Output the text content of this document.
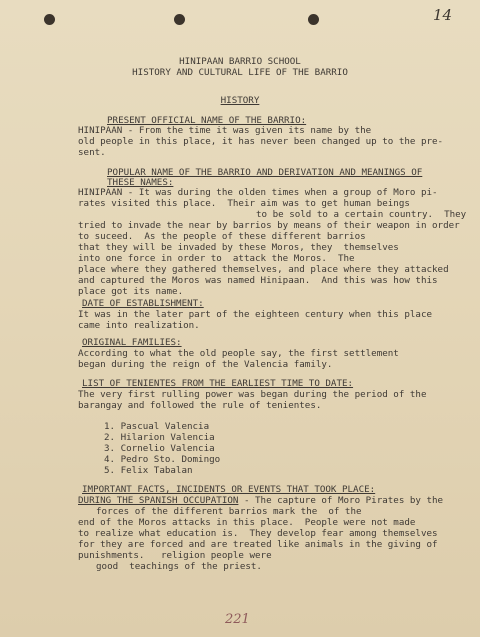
14
HINIPAAN BARRIO SCHOOL
HISTORY AND CULTURAL LIFE OF THE BARRIO
HISTORY
PRESENT OFFICIAL NAME OF THE BARRIO:
HINIPAAN - From the time it was given its name by the
old people in this place, it has never been changed up to the pre-
sent.
POPULAR NAME OF THE BARRIO AND DERIVATION AND MEANINGS OF
THESE NAMES:
HINIPAAN - It was during the olden times when a group of Moro pi-
rates visited this place.  Their aim was to get human beings
to be sold to a certain country.  They
tried to invade the near by barrios by means of their weapon in order
to suceed.  As the people of these different barrios
that they will be invaded by these Moros, they  themselves
into one force in order to  attack the Moros.  The
place where they gathered themselves, and place where they attacked
and captured the Moros was named Hinipaan.  And this was how this
place got its name.
DATE OF ESTABLISHMENT:
It was in the later part of the eighteen century when this place
came into realization.
ORIGINAL FAMILIES:
According to what the old people say, the first settlement
began during the reign of the Valencia family.
LIST OF TENIENTES FROM THE EARLIEST TIME TO DATE:
The very first rulling power was began during the period of the
barangay and followed the rule of tenientes.
1. Pascual Valencia
2. Hilarion Valencia
3. Cornelio Valencia
4. Pedro Sto. Domingo
5. Felix Tabalan
IMPORTANT FACTS, INCIDENTS OR EVENTS THAT TOOK PLACE:
DURING THE SPANISH OCCUPATION - The capture of Moro Pirates by the
forces of the different barrios mark the  of the
end of the Moros attacks in this place.  People were not made
to realize what education is.  They develop fear among themselves
for they are forced and are treated like animals in the giving of
punishments.   religion people were
good  teachings of the priest.
221
